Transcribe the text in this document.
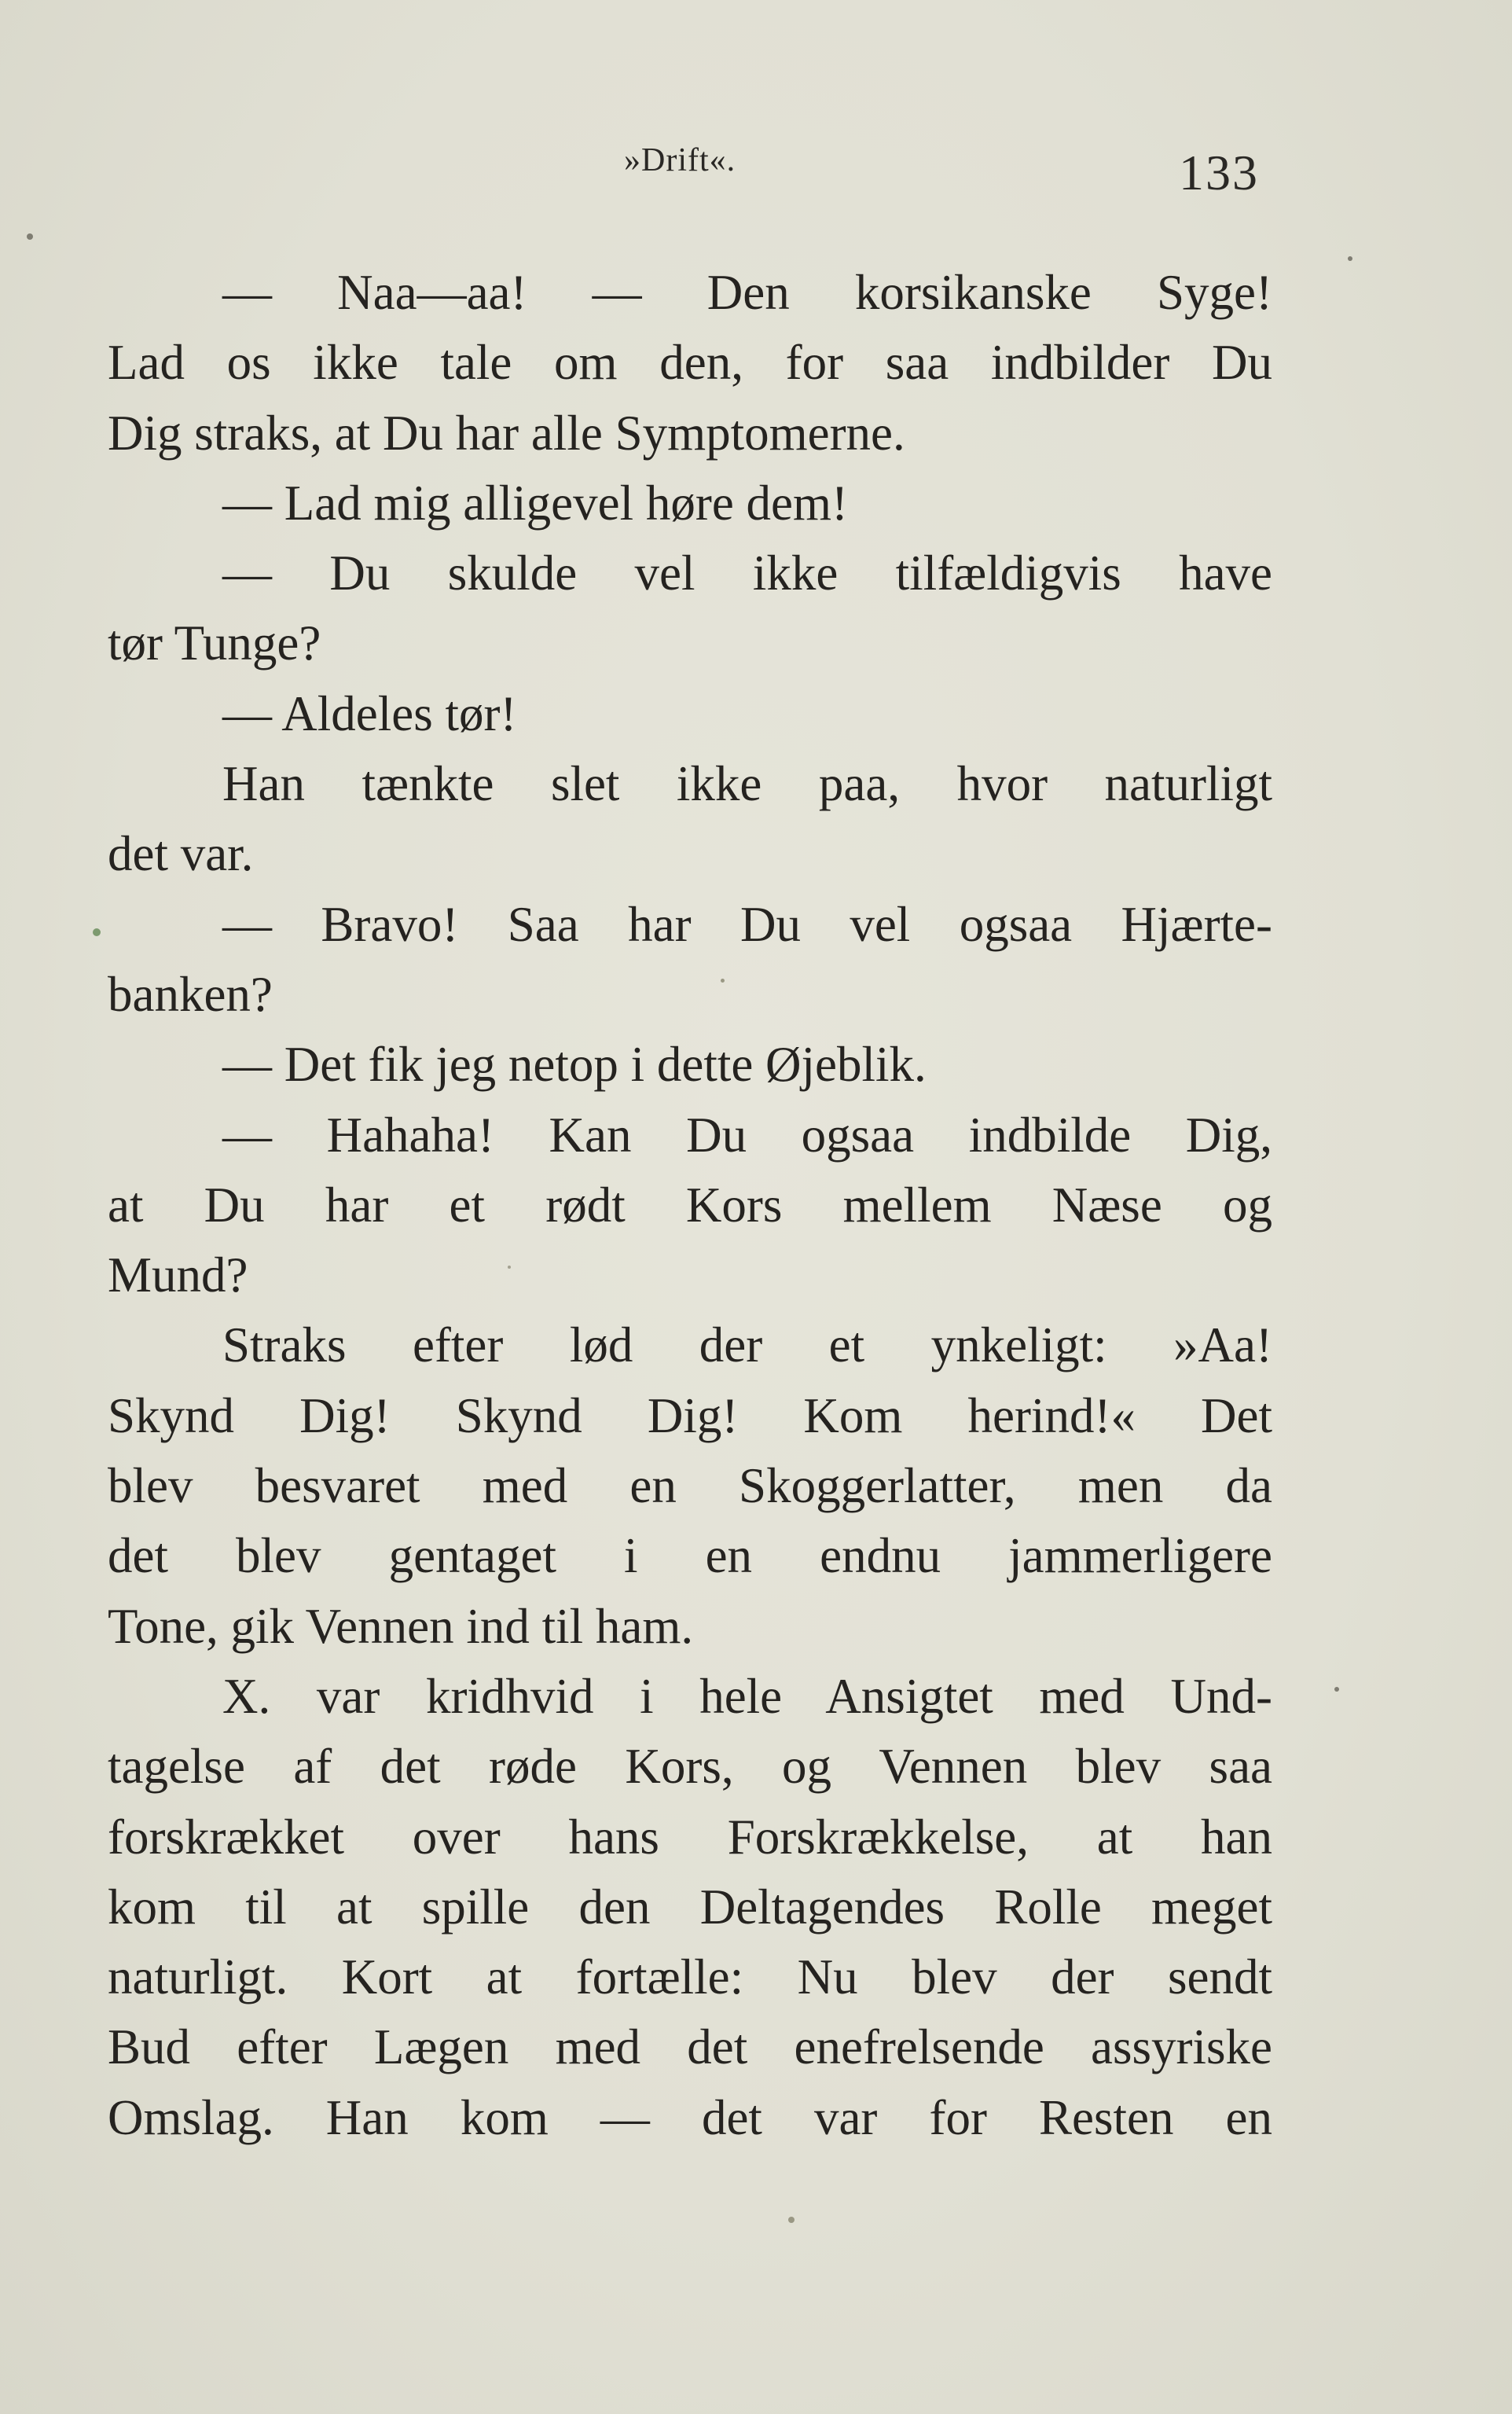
»Drift«.	133
— Naa—aa! — Den korsikanske Syge!
Lad os ikke tale om den, for saa indbilder Du
Dig straks, at Du har alle Symptomerne.
— Lad mig alligevel høre dem!
— Du skulde vel ikke tilfældigvis have
tør Tunge?
— Aldeles tør!
Han tænkte slet ikke paa, hvor naturligt
det var.
— Bravo! Saa har Du vel ogsaa Hjærte-
banken?
— Det fik jeg netop i dette Øjeblik.
— Hahaha! Kan Du ogsaa indbilde Dig,
at Du har et rødt Kors mellem Næse og
Mund?
Straks efter lød der et ynkeligt: »Aa!
Skynd Dig! Skynd Dig! Kom herind!« Det
blev besvaret med en Skoggerlatter, men da
det blev gentaget i en endnu jammerligere
Tone, gik Vennen ind til ham.
X. var kridhvid i hele Ansigtet med Und-
tagelse af det røde Kors, og Vennen blev saa
forskrækket over hans Forskrækkelse, at han
kom til at spille den Deltagendes Rolle meget
naturligt. Kort at fortælle: Nu blev der sendt
Bud efter Lægen med det enefrelsende assyriske
Omslag. Han kom — det var for Resten en
